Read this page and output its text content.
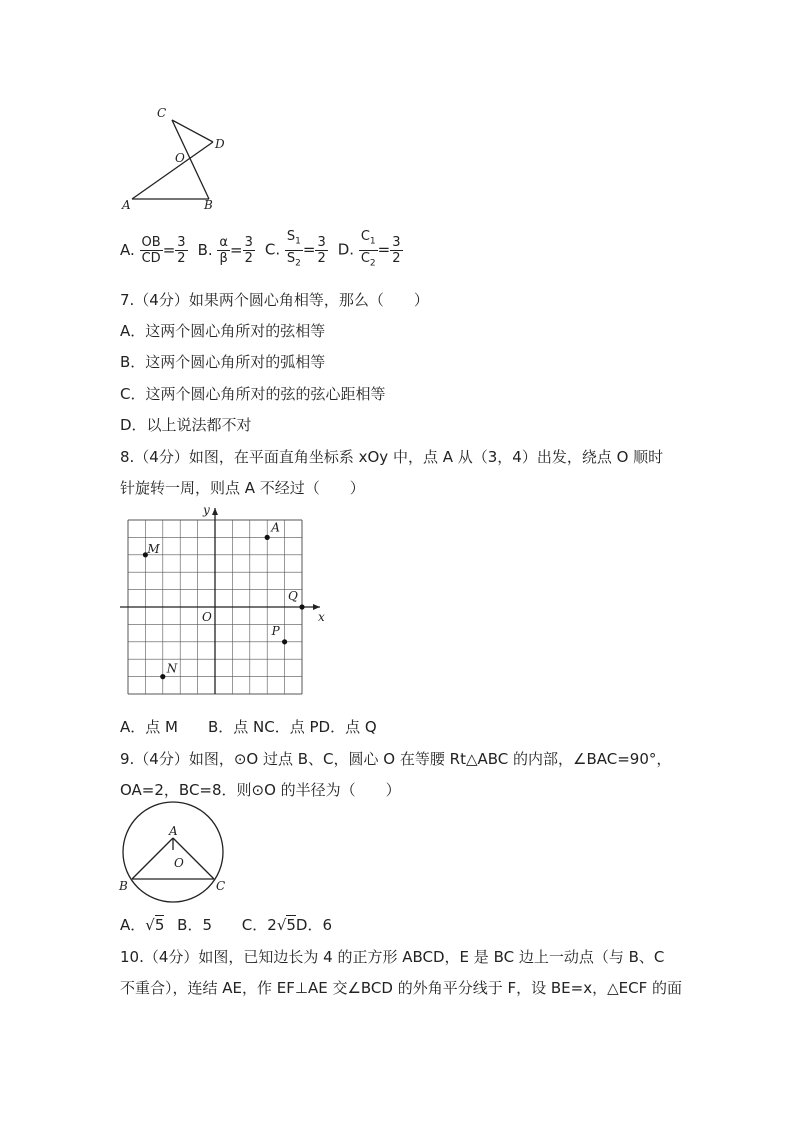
C
D
O
A	B
A. $\frac{OB}{CD} = \frac{3}{2} B$. $\frac{\alpha}{\beta} = \frac{3}{2} C$. $\frac{S_1}{S_2} = \frac{3}{2} D$. $\frac{C_1}{C_2} = \frac{3}{2}$
7.（4分）如果两个圆心角相等，那么（　　）
A．这两个圆心角所对的弦相等
B．这两个圆心角所对的弧相等
C．这两个圆心角所对的弦的弦心距相等
D．以上说法都不对
8.（4分）如图，在平面直角坐标系 xOy 中，点 A 从（3，4）出发，绕点 O 顺时
针旋转一周，则点 A 不经过（　　）
y
x
O
A
M
Q
P
N
A．点 M　　B．点 NC．点 PD．点 Q
9.（4分）如图，⊙O 过点 B、C，圆心 O 在等腰 Rt△ABC 的内部，∠BAC=90°，
OA=2，BC=8．则⊙O 的半径为（　　）
A
O
B	C
A．√5 B．5　 C．2√5D．6
10.（4分）如图，已知边长为 4 的正方形 ABCD，E 是 BC 边上一动点（与 B、C
不重合），连结 AE，作 EF⊥AE 交∠BCD 的外角平分线于 F，设 BE=x，△ECF 的面
